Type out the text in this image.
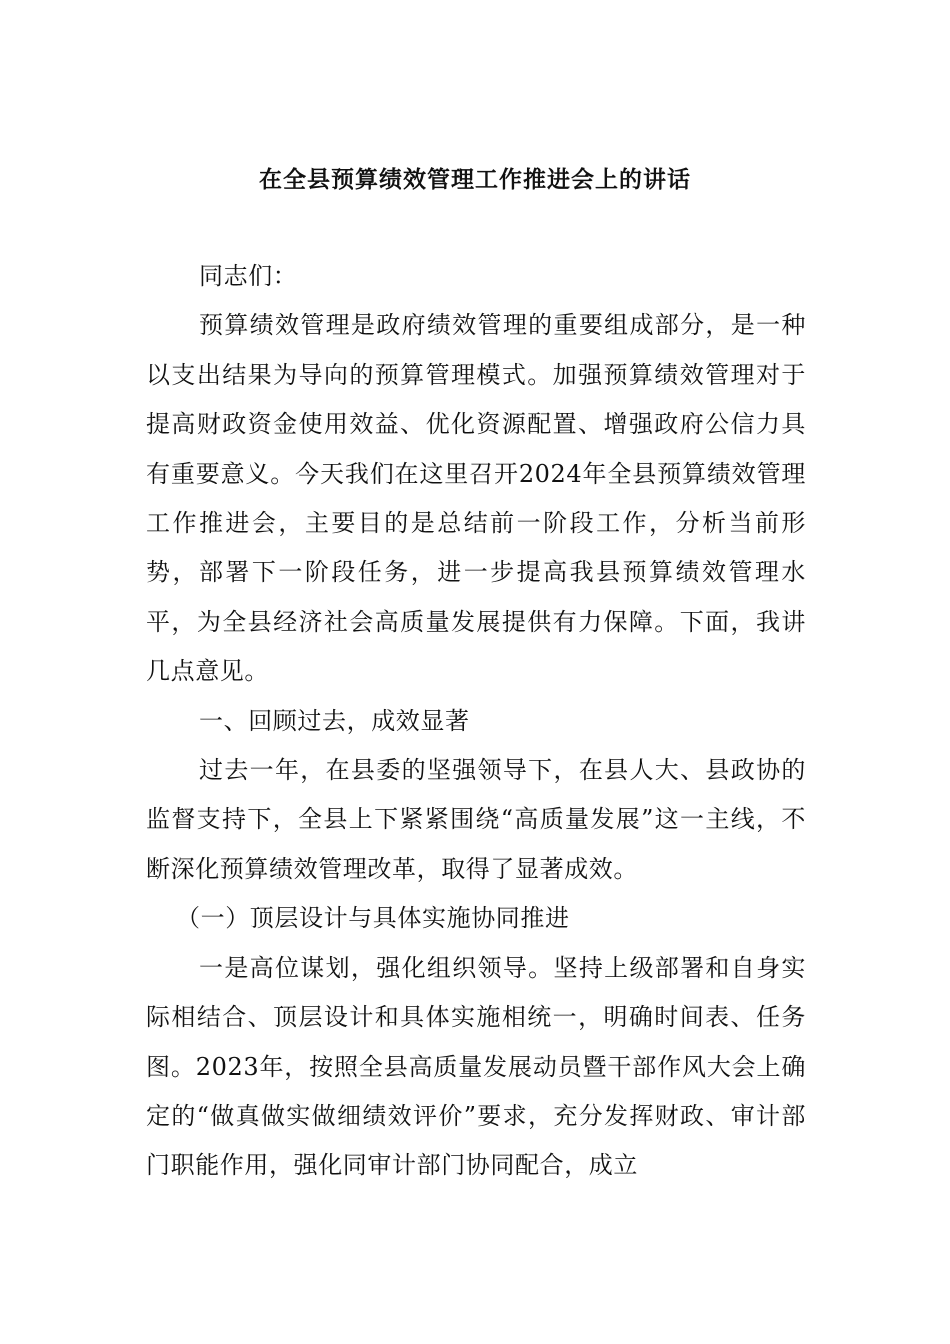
在全县预算绩效管理工作推进会上的讲话

同志们：

预算绩效管理是政府绩效管理的重要组成部分，是一种以支出结果为导向的预算管理模式。加强预算绩效管理对于提高财政资金使用效益、优化资源配置、增强政府公信力具有重要意义。今天我们在这里召开2024年全县预算绩效管理工作推进会，主要目的是总结前一阶段工作，分析当前形势，部署下一阶段任务，进一步提高我县预算绩效管理水平，为全县经济社会高质量发展提供有力保障。下面，我讲几点意见。

一、回顾过去，成效显著

过去一年，在县委的坚强领导下，在县人大、县政协的监督支持下，全县上下紧紧围绕“高质量发展”这一主线，不断深化预算绩效管理改革，取得了显著成效。

（一）顶层设计与具体实施协同推进

一是高位谋划，强化组织领导。坚持上级部署和自身实际相结合、顶层设计和具体实施相统一，明确时间表、任务图。2023年，按照全县高质量发展动员暨干部作风大会上确定的“做真做实做细绩效评价”要求，充分发挥财政、审计部门职能作用，强化同审计部门协同配合，成立
